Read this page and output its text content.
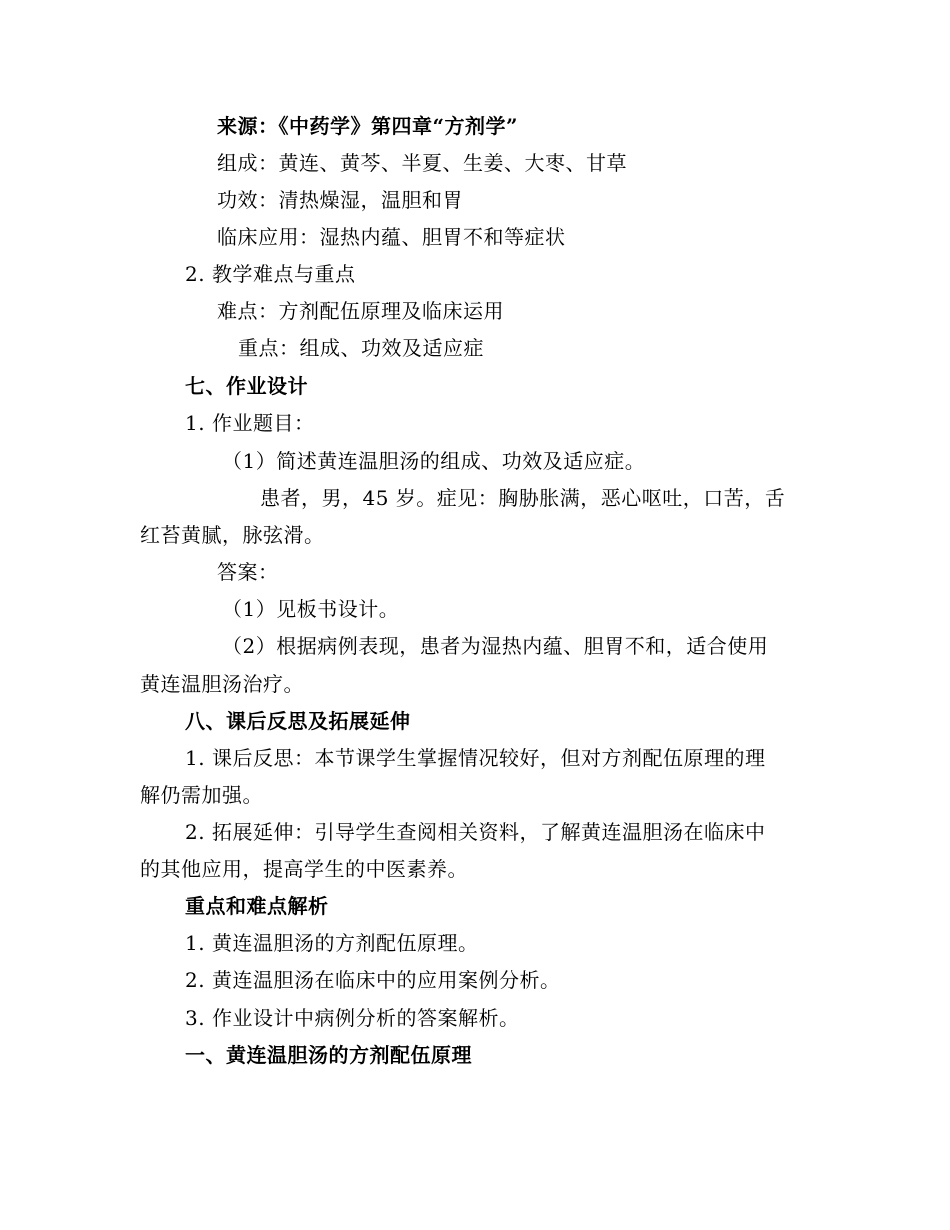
来源：《中药学》第四章“方剂学”
组成：黄连、黄芩、半夏、生姜、大枣、甘草
功效：清热燥湿，温胆和胃
临床应用：湿热内蕴、胆胃不和等症状
2. 教学难点与重点
难点：方剂配伍原理及临床运用
重点：组成、功效及适应症
七、作业设计
1. 作业题目：
（1）简述黄连温胆汤的组成、功效及适应症。
患者，男，45 岁。症见：胸胁胀满，恶心呕吐，口苦，舌
红苔黄腻，脉弦滑。
答案：
（1）见板书设计。
（2）根据病例表现，患者为湿热内蕴、胆胃不和，适合使用
黄连温胆汤治疗。
八、课后反思及拓展延伸
1. 课后反思：本节课学生掌握情况较好，但对方剂配伍原理的理
解仍需加强。
2. 拓展延伸：引导学生查阅相关资料，了解黄连温胆汤在临床中
的其他应用，提高学生的中医素养。
重点和难点解析
1. 黄连温胆汤的方剂配伍原理。
2. 黄连温胆汤在临床中的应用案例分析。
3. 作业设计中病例分析的答案解析。
一、黄连温胆汤的方剂配伍原理
